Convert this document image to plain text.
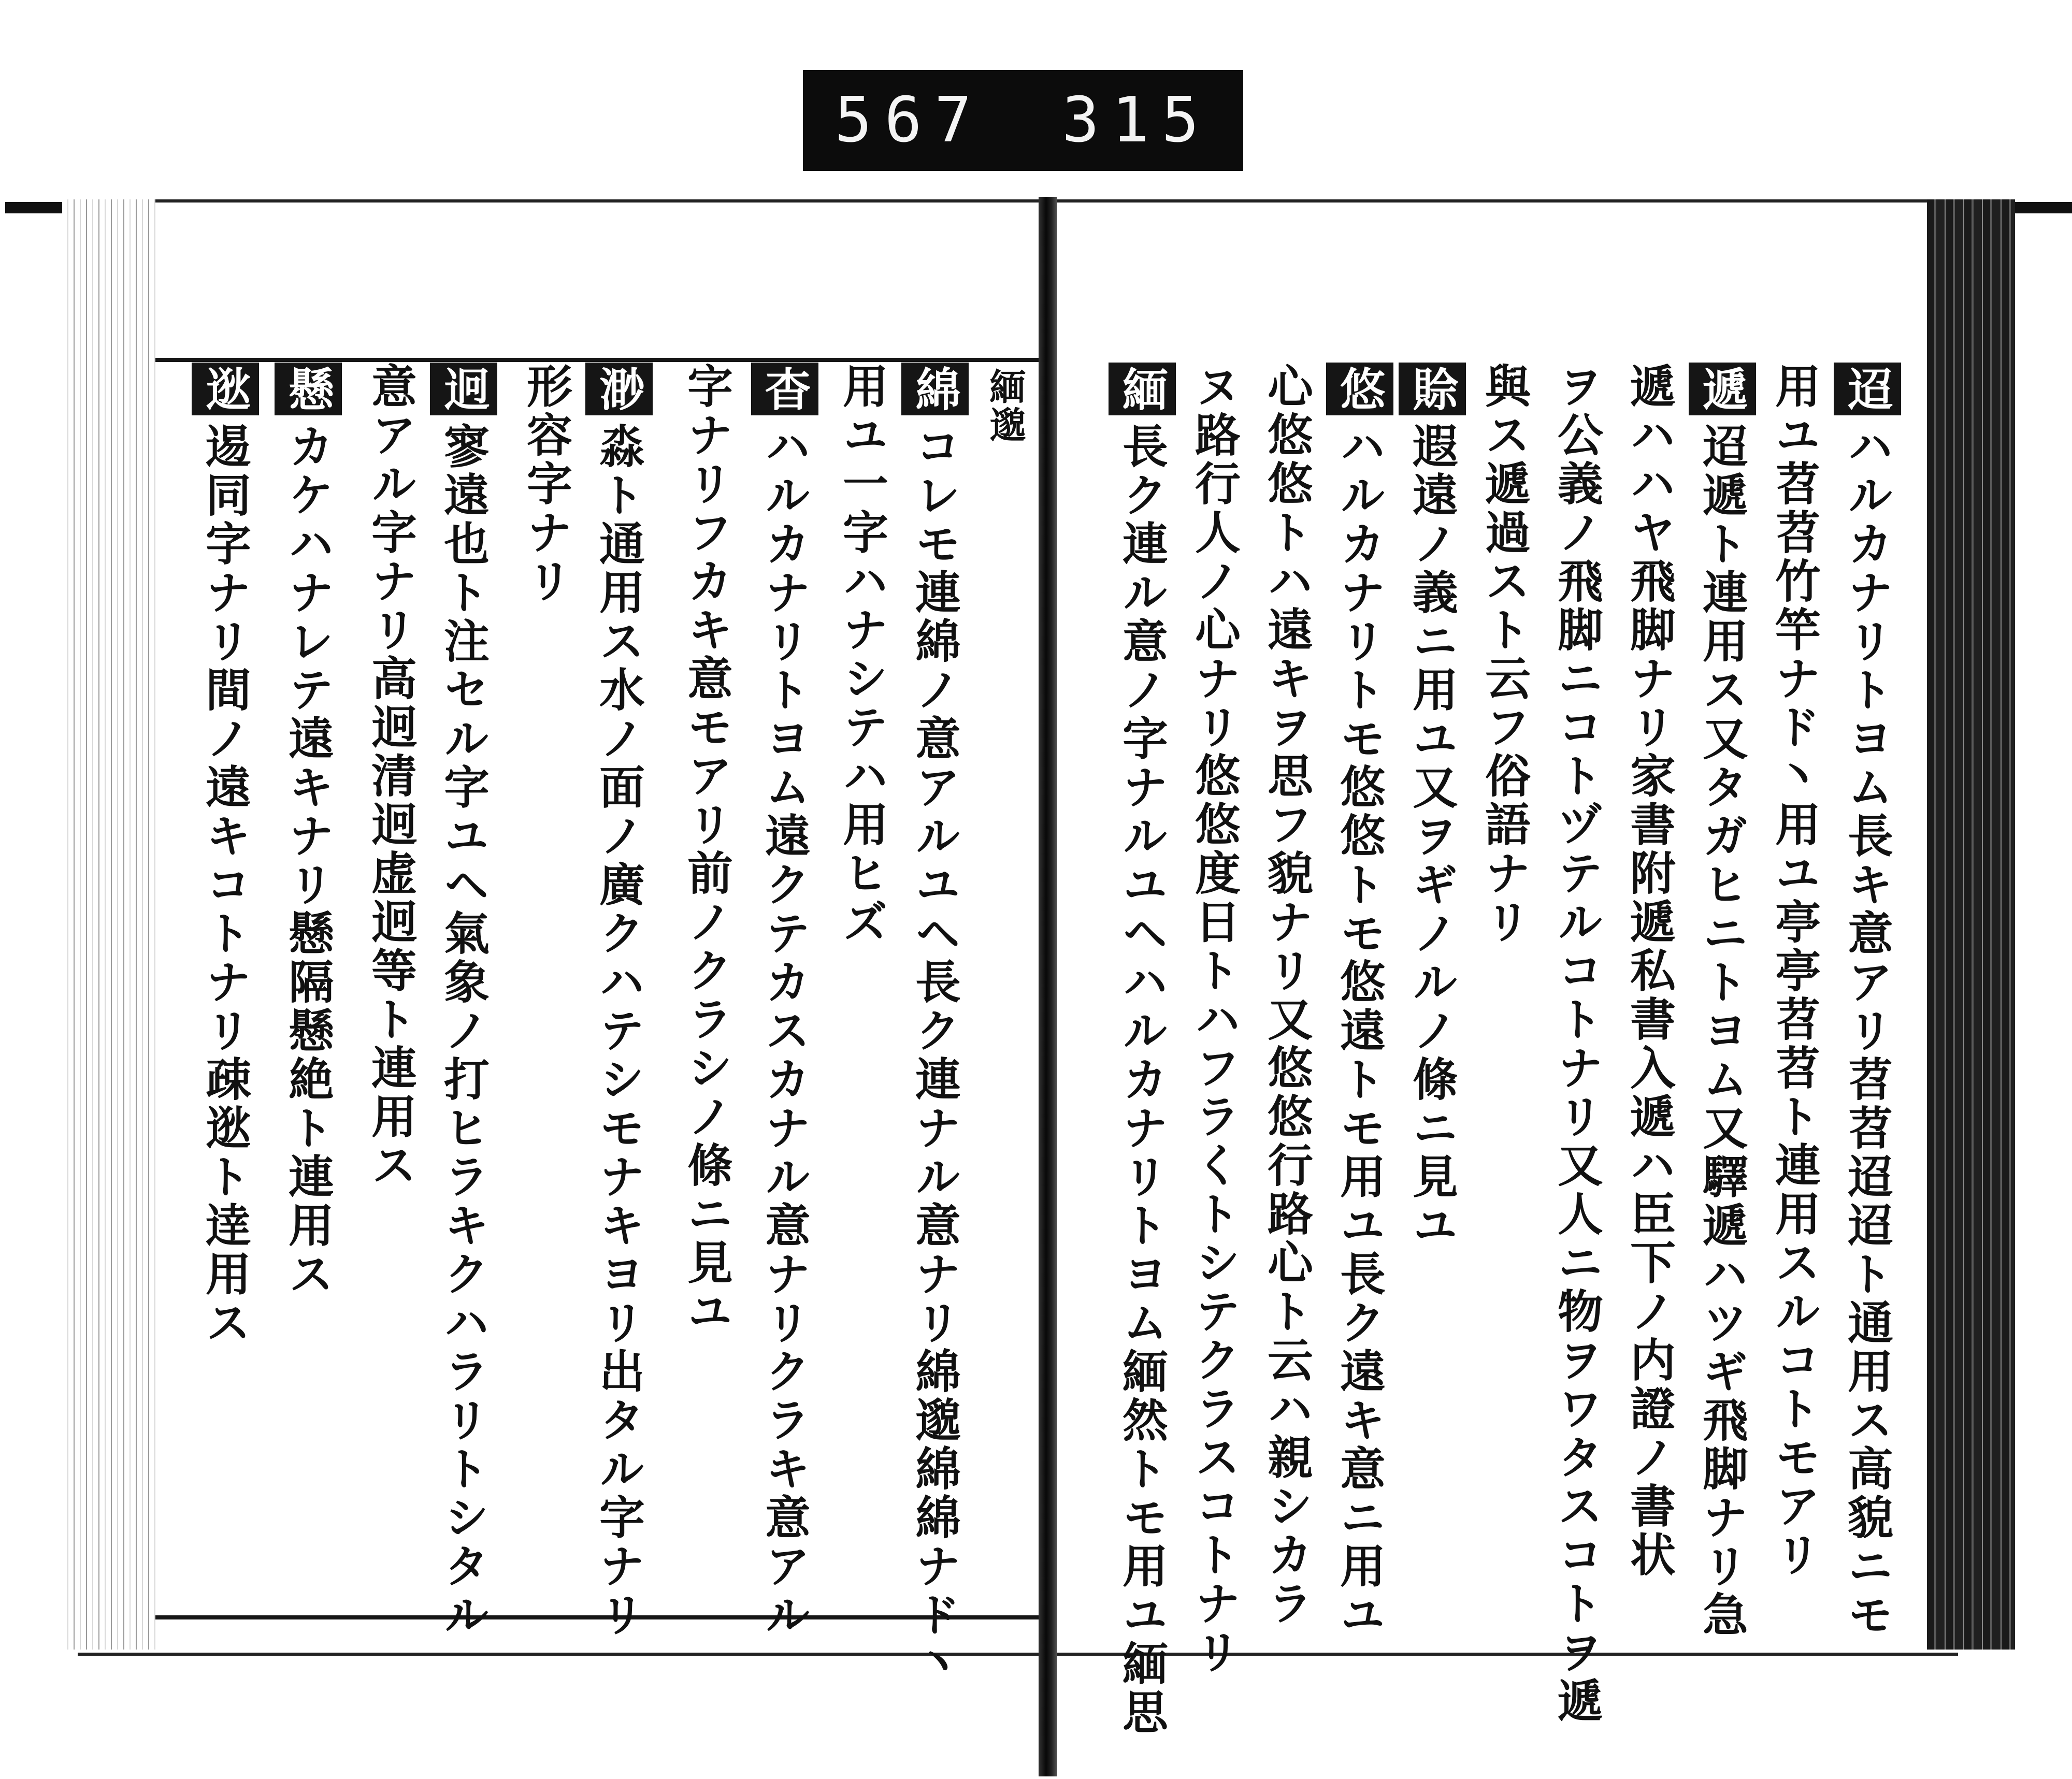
567 315
迢ハルカナリトヨム長キ意アリ苕苕迢迢ト通用ス高貌ニモ
用ユ苕苕竹竿ナド丶用ユ亭亭苕苕ト連用スルコトモアリ
遞迢遞ト連用ス又タガヒニトヨム又驛遞ハツギ飛脚ナリ急
遞ハハヤ飛脚ナリ家書附遞私書入遞ハ臣下ノ内證ノ書状
ヲ公義ノ飛脚ニコトヅテルコトナリ又人ニ物ヲワタスコトヲ遞
與ス遞過スト云フ俗語ナリ
賒遐遠ノ義ニ用ユ又ヲギノルノ條ニ見ユ
悠ハルカナリトモ悠悠トモ悠遠トモ用ユ長ク遠キ意ニ用ユ
心悠悠トハ遠キヲ思フ貌ナリ又悠悠行路心ト云ハ親シカラ
ヌ路行人ノ心ナリ悠悠度日トハフラくトシテクラスコトナリ
緬長ク連ル意ノ字ナルユヘハルカナリトヨム緬然トモ用ユ緬思
緬邈
綿コレモ連綿ノ意アルユヘ長ク連ナル意ナリ綿邈綿綿ナド丶
用ユ一字ハナシテハ用ヒズ
杳ハルカナリトヨム遠クテカスカナル意ナリクラキ意アル
字ナリフカキ意モアリ前ノクラシノ條ニ見ユ
渺淼ト通用ス水ノ面ノ廣クハテシモナキヨリ出タル字ナリ
形容字ナリ
迥寥遠也ト注セル字ユヘ氣象ノ打ヒラキクハラリトシタル
意アル字ナリ高迥清迥虚迥等ト連用ス
懸カケハナレテ遠キナリ懸隔懸絶ト連用ス
逖逷同字ナリ間ノ遠キコトナリ疎逖ト逹用ス
